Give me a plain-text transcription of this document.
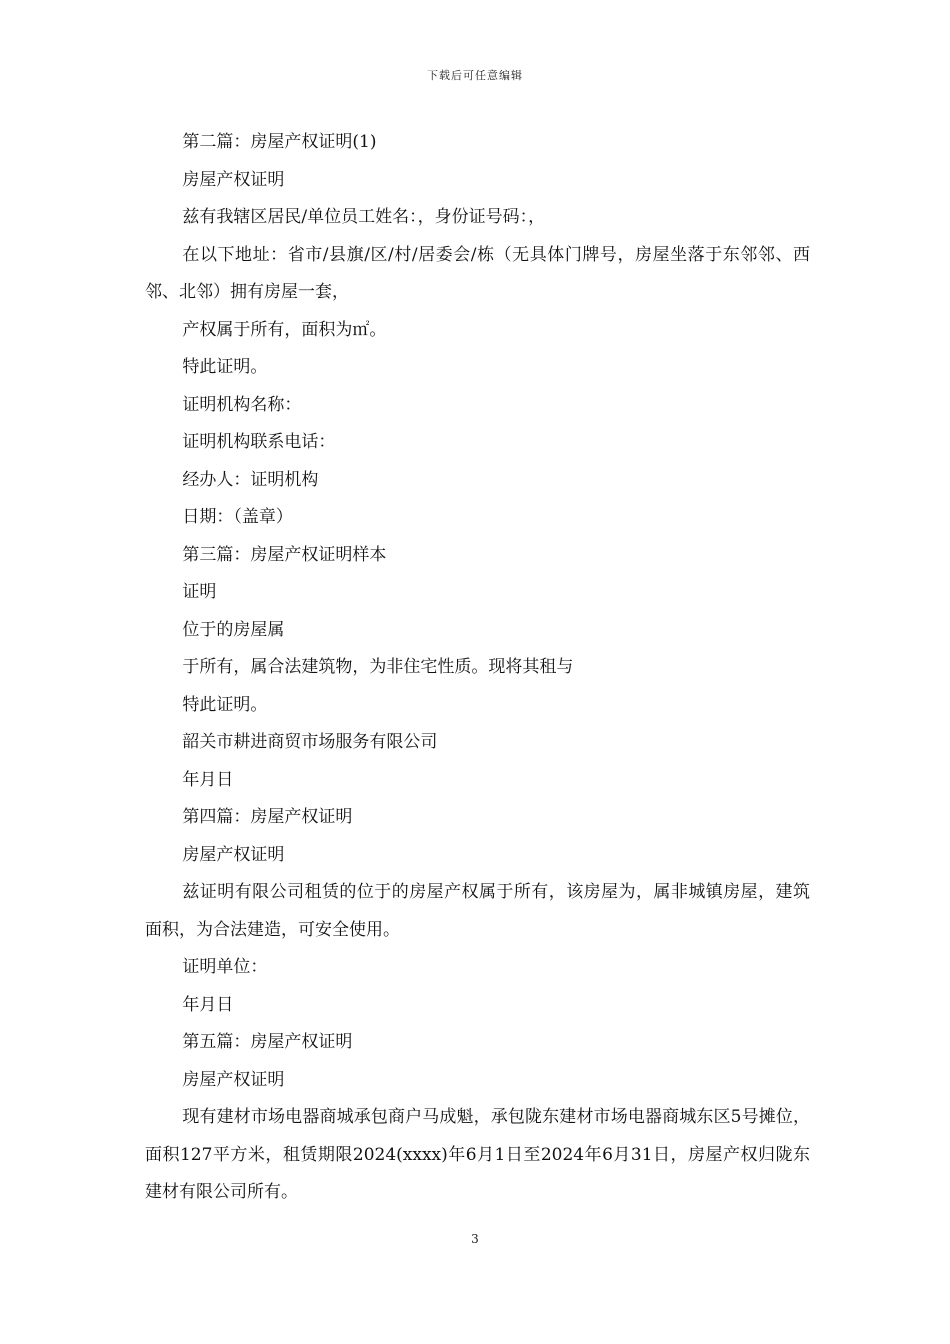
下载后可任意编辑

第二篇：房屋产权证明(1)

房屋产权证明

兹有我辖区居民/单位员工姓名：，身份证号码：，

在以下地址：省市/县旗/区/村/居委会/栋（无具体门牌号，房屋坐落于东邻邻、西邻、北邻）拥有房屋一套，

产权属于所有，面积为㎡。

特此证明。

证明机构名称：

证明机构联系电话：

经办人：证明机构

日期：（盖章）

第三篇：房屋产权证明样本

证明

位于的房屋属

于所有，属合法建筑物，为非住宅性质。现将其租与

特此证明。

韶关市耕进商贸市场服务有限公司

年月日

第四篇：房屋产权证明

房屋产权证明

兹证明有限公司租赁的位于的房屋产权属于所有，该房屋为，属非城镇房屋，建筑面积，为合法建造，可安全使用。

证明单位：

年月日

第五篇：房屋产权证明

房屋产权证明

现有建材市场电器商城承包商户马成魁，承包陇东建材市场电器商城东区5号摊位，面积127平方米，租赁期限2024(xxxx)年6月1日至2024年6月31日，房屋产权归陇东建材有限公司所有。

3
